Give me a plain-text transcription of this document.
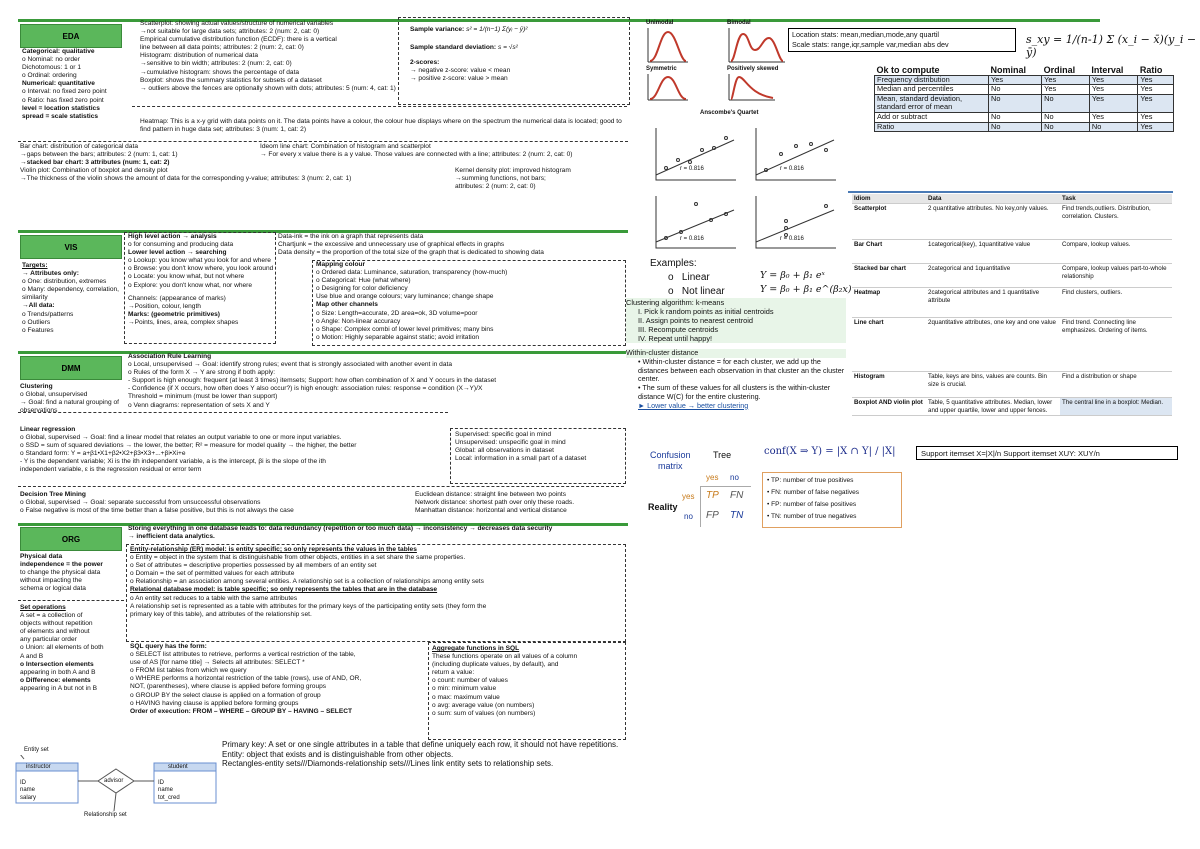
EDA
Categorical: qualitative
o Nominal: no order
Dichotomous: 1 or 1
o Ordinal: ordering
Numerical: quantitative
o Interval: no fixed zero point
o Ratio: has fixed zero point
level = location statistics
spread = scale statistics
Scatterplot: showing actual values/structure of numerical variables
→not suitable for large data sets; attributes: 2 (num: 2, cat: 0)
Empirical cumulative distribution function (ECDF): there is a vertical
line between all data points; attributes: 2 (num: 2, cat: 0)
Histogram: distribution of numerical data
→sensitive to bin width; attributes: 2 (num: 2, cat: 0)
→cumulative histogram: shows the percentage of data
Boxplot: shows the summary statistics for subsets of a dataset
→ outliers above the fences are optionally shown with dots; attributes: 5 (num: 4, cat: 1)
Sample variance: s² = 1/(n−1) Σ(yᵢ − ȳ)²
Sample standard deviation: s = √s²
2-scores:
→ negative z-score: value < mean
→ positive z-score: value > mean
Heatmap: This is a x-y grid with data points on it. The data points have a colour, the colour hue displays where on the spectrum the numerical data is located; good to find pattern in huge data set; attributes: 3 (num: 1, cat: 2)
Bar chart: distribution of categorical data
→gaps between the bars; attributes: 2 (num: 1, cat: 1)
→stacked bar chart: 3 attributes (num: 1, cat: 2)
Violin plot: Combination of boxplot and density plot
→The thickness of the violin shows the amount of data for the corresponding y-value; attributes: 3 (num: 2, cat: 1)
Ideom line chart: Combination of histogram and scatterplot
→ For every x value there is a y value. Those values are connected with a line; attributes: 2 (num: 2, cat: 0)
Kernel density plot: improved histogram
→summing functions, not bars;
attributes: 2 (num: 2, cat: 0)
Unimodal	Bimodal
Symmetric	Positively skewed
Location stats: mean,median,mode,any quartil
Scale stats: range,iqr,sample var,median abs dev	s_xy = 1/(n-1) Σ (x_i − x̄)(y_i − ȳ)
Ok to compute	Nominal	Ordinal	Interval	Ratio
Frequency distribution	Yes	Yes	Yes	Yes
Median and percentiles	No	Yes	Yes	Yes
Mean, standard deviation, standard error of mean	No	No	Yes	Yes
Add or subtract	No	No	Yes	Yes
Ratio	No	No	No	Yes
Anscombe's Quartet
r = 0.816	r = 0.816
r = 0.816	r = 0.816
Examples:
o   Linear
o   Not linear
Y = β₀ + β₁ eˣ
Y = β₀ + β₁ e^(β₂x)
Clustering algorithm: k-means
I. Pick k random points as initial centroids
II. Assign points to nearest centroid
III. Recompute centroids
IV. Repeat until happy!
Within-cluster distance
• Within-cluster distance = for each cluster, we add up the distances between each observation in that cluster an the cluster center.
• The sum of these values for all clusters is the within-cluster distance W(C) for the entire clustering.
► Lower value → better clustering
Idiom	Data	Task
Scatterplot	2 quantitative attributes. No key,only values.	Find trends,outliers. Distribution, correlation. Clusters.
Bar Chart	1categorical(key), 1quantitative value	Compare, lookup values.
Stacked bar chart	2categorical and 1quantitative	Compare, lookup values part-to-whole relationship
Heatmap	2categorical attributes and 1 quantitative attribute	Find clusters, outliers.
Line chart	2quantitative attributes, one key and one value	Find trend. Connecting line emphasizes. Ordering of items.
Histogram	Table, keys are bins, values are counts. Bin size is crucial.	Find a distribution or shape
Boxplot AND violin plot	Table, 5 quantitative attributes. Median, lower and upper quartile, lower and upper fences.	The central line in a boxplot: Median.
Support itemset X=|X|/n Support itemset XUY: XUY/n
conf(X ⇒ Y) = |X ∩ Y| / |X|
Confusion
matrix
Tree
yes no
Reality
yes
no
TP FN
FP TN
• TP: number of true positives
• FN: number of false negatives
• FP: number of false positives
• TN: number of true negatives
VIS
Targets:
→ Attributes only:
o One: distribution, extremes
o Many: dependency, correlation, similarity
→All data:
o Trends/patterns
o Outliers
o Features
High level action → analysis
o for consuming and producing data
Lower level action → searching
o Lookup: you know what you look for and where
o Browse: you don't know where, you look around
o Locate: you know what, but not where
o Explore: you don't know what, nor where
Channels: (appearance of marks)
→Position, colour, length
Marks: (geometric primitives)
→Points, lines, area, complex shapes
Data-ink = the ink on a graph that represents data
Chartjunk = the excessive and unnecessary use of graphical effects in graphs
Data density = the proportion of the total size of the graph that is dedicated to showing data
Mapping colour
o Ordered data: Luminance, saturation, transparency (how-much)
o Categorical: Hue (what where)
o Designing for color deficiency
Use blue and orange colours; vary luminance; change shape
Map other channels
o Size: Length=accurate, 2D area=ok, 3D volume=poor
o Angle: Non-linear accuracy
o Shape: Complex combi of lower level primitives; many bins
o Motion: Highly separable against static; avoid irritation
DMM
Clustering
o Global, unsupervised
→ Goal: find a natural grouping of observations
Association Rule Learning
o Local, unsupervised → Goal: identify strong rules; event that is strongly associated with another event in data
o Rules of the form X → Y are strong if both apply:
- Support is high enough: frequent (at least 3 times) itemsets; Support: how often combination of X and Y occurs in the dataset
- Confidence (if X occurs, how often does Y also occur?) is high enough: association rules: response = condition (X→Y)/X
Threshold = minimum (must be lower than support)
o Venn diagrams: representation of sets X and Y
Linear regression
o Global, supervised → Goal: find a linear model that relates an output variable to one or more input variables.
o SSD = sum of squared deviations → the lower, the better; R² = measure for model quality → the higher, the better
o Standard form: Y = a+β1•X1+β2•X2+β3•X3+...+βi•Xi+e
- Y is the dependent variable; Xi is the ith independent variable, a is the intercept, βi is the slope of the ith
independent variable, ε is the regression residual or error term
Supervised: specific goal in mind
Unsupervised: unspecific goal in mind
Global: all observations in dataset
Local: information in a small part of a dataset
Decision Tree Mining
o Global, supervised → Goal: separate successful from unsuccessful observations
o False negative is most of the time better than a false positive, but this is not always the case
Euclidean distance: straight line between two points
Network distance: shortest path over only these roads.
Manhattan distance: horizontal and vertical distance
ORG
Physical data
independence = the power
to change the physical data
without impacting the
schema or logical data
Set operations
A set = a collection of
objects without repetition
of elements and without
any particular order
o Union: all elements of both
A and B
o Intersection elements
appearing in both A and B
o Difference: elements
appearing in A but not in B
Storing everything in one database leads to: data redundancy (repetition or too much data) → inconsistency → decreases data security
→ inefficient data analytics.
Entity-relationship (ER) model: is entity specific; so only represents the values in the tables
o Entity = object in the system that is distinguishable from other objects, entities in a set share the same properties.
o Set of attributes = descriptive properties possessed by all members of an entity set
o Domain = the set of permitted values for each attribute
o Relationship = an association among several entities. A relationship set is a collection of relationships among entity sets
Relational database model: is table specific; so only represents the tables that are in the database
o An entity set reduces to a table with the same attributes
A relationship set is represented as a table with attributes for the primary keys of the participating entity sets (they form the
primary key of this table), and attributes of the relationship set.
SQL query has the form:
o SELECT list attributes to retrieve, performs a vertical restriction of the table,
use of AS [for name title] → Selects all attributes: SELECT *
o FROM list tables from which we query
o WHERE performs a horizontal restriction of the table (rows), use of AND, OR,
NOT, (parentheses), where clause is applied before forming groups
o GROUP BY the select clause is applied on a formation of group
o HAVING having clause is applied before forming groups
Order of execution: FROM – WHERE – GROUP BY – HAVING – SELECT
Aggregate functions in SQL
These functions operate on all values of a column
(including duplicate values, by default), and
return a value:
o count: number of values
o min: minimum value
o max: maximum value
o avg: average value (on numbers)
o sum: sum of values (on numbers)
Entity set
instructor
ID
name
salary
advisor
student
ID
name
tot_cred
Relationship set
Primary key: A set or one single attributes in a table that define uniquely each row, it should not have repetitions.
Entity: object that exists and is distinguishable from other objects.
Rectangles-entity sets///Diamonds-relationship sets///Lines link entity sets to relationship sets.
